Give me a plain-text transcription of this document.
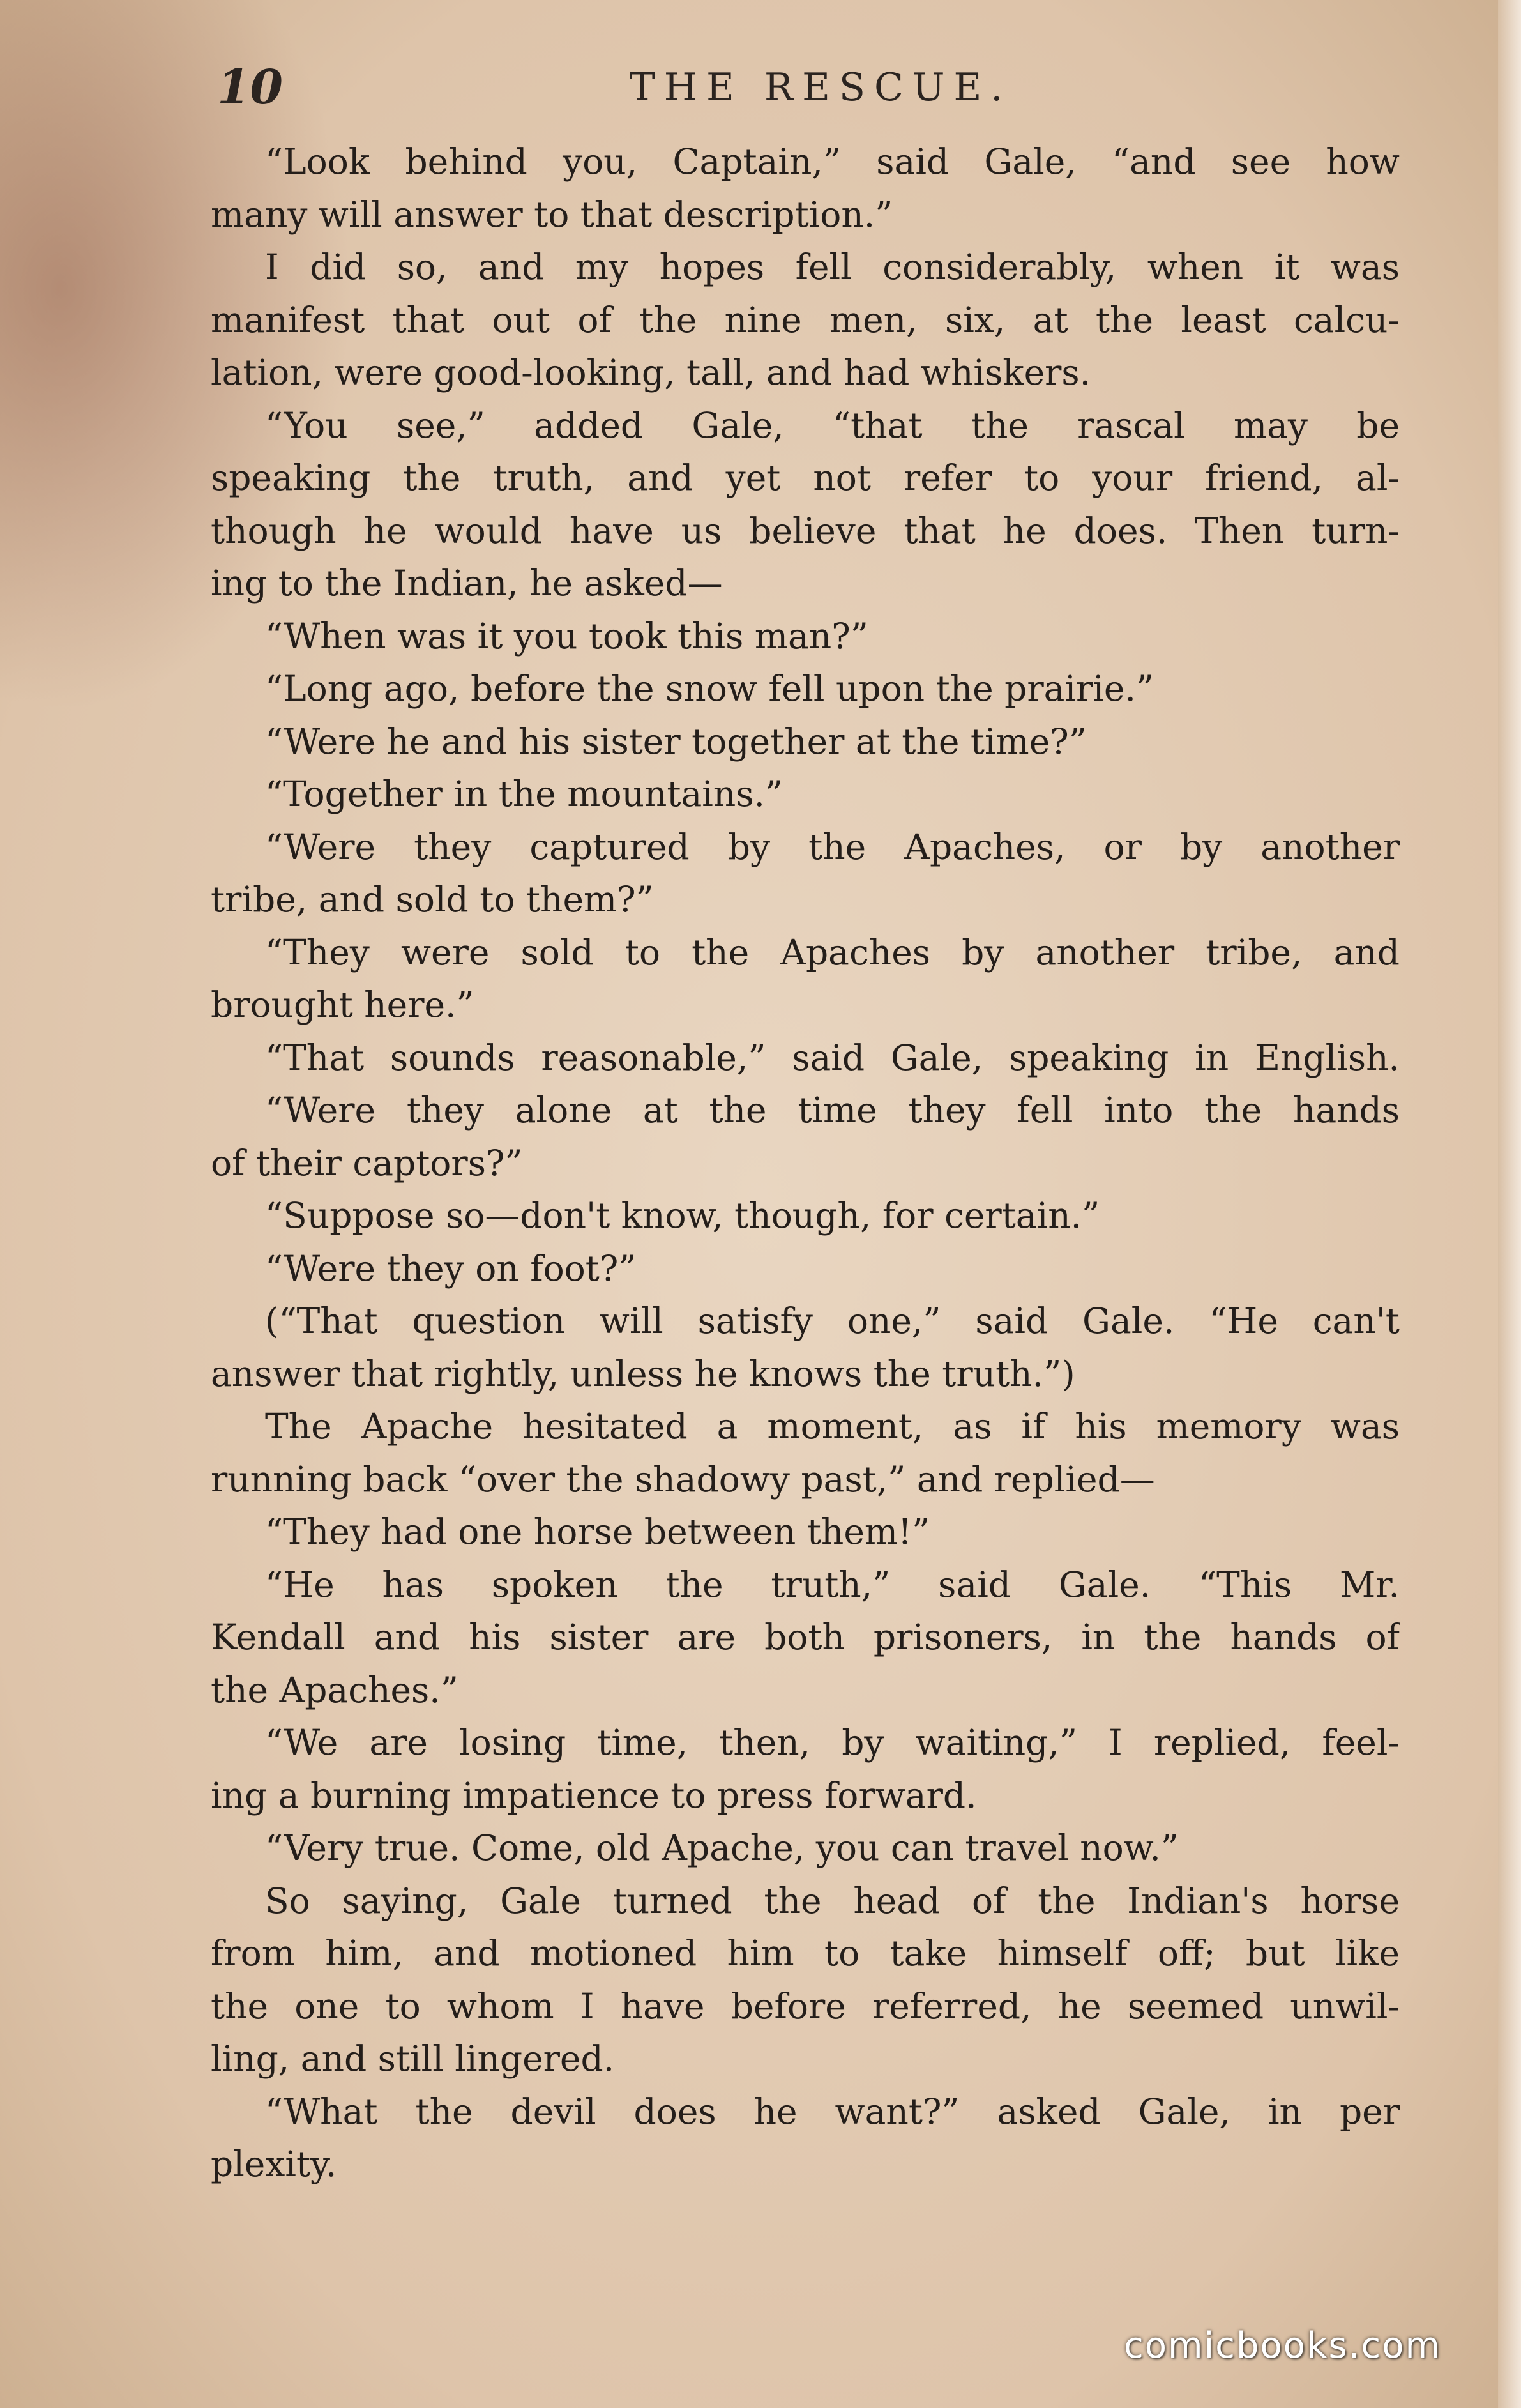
THE RESCUE.
10
“Look behind you, Captain,” said Gale, “and see how
many will answer to that description.”
I did so, and my hopes fell considerably, when it was
manifest that out of the nine men, six, at the least calcu-
lation, were good-looking, tall, and had whiskers.
“You see,” added Gale, “that the rascal may be
speaking the truth, and yet not refer to your friend, al-
though he would have us believe that he does. Then turn-
ing to the Indian, he asked—
“When was it you took this man?”
“Long ago, before the snow fell upon the prairie.”
“Were he and his sister together at the time?”
“Together in the mountains.”
“Were they captured by the Apaches, or by another
tribe, and sold to them?”
“They were sold to the Apaches by another tribe, and
brought here.”
“That sounds reasonable,” said Gale, speaking in English.
“Were they alone at the time they fell into the hands
of their captors?”
“Suppose so—don't know, though, for certain.”
“Were they on foot?”
(“That question will satisfy one,” said Gale. “He can't
answer that rightly, unless he knows the truth.”)
The Apache hesitated a moment, as if his memory was
running back “over the shadowy past,” and replied—
“They had one horse between them!”
“He has spoken the truth,” said Gale. “This Mr.
Kendall and his sister are both prisoners, in the hands of
the Apaches.”
“We are losing time, then, by waiting,” I replied, feel-
ing a burning impatience to press forward.
“Very true. Come, old Apache, you can travel now.”
So saying, Gale turned the head of the Indian's horse
from him, and motioned him to take himself off; but like
the one to whom I have before referred, he seemed unwil-
ling, and still lingered.
“What the devil does he want?” asked Gale, in per
plexity.
comicbooks.com
